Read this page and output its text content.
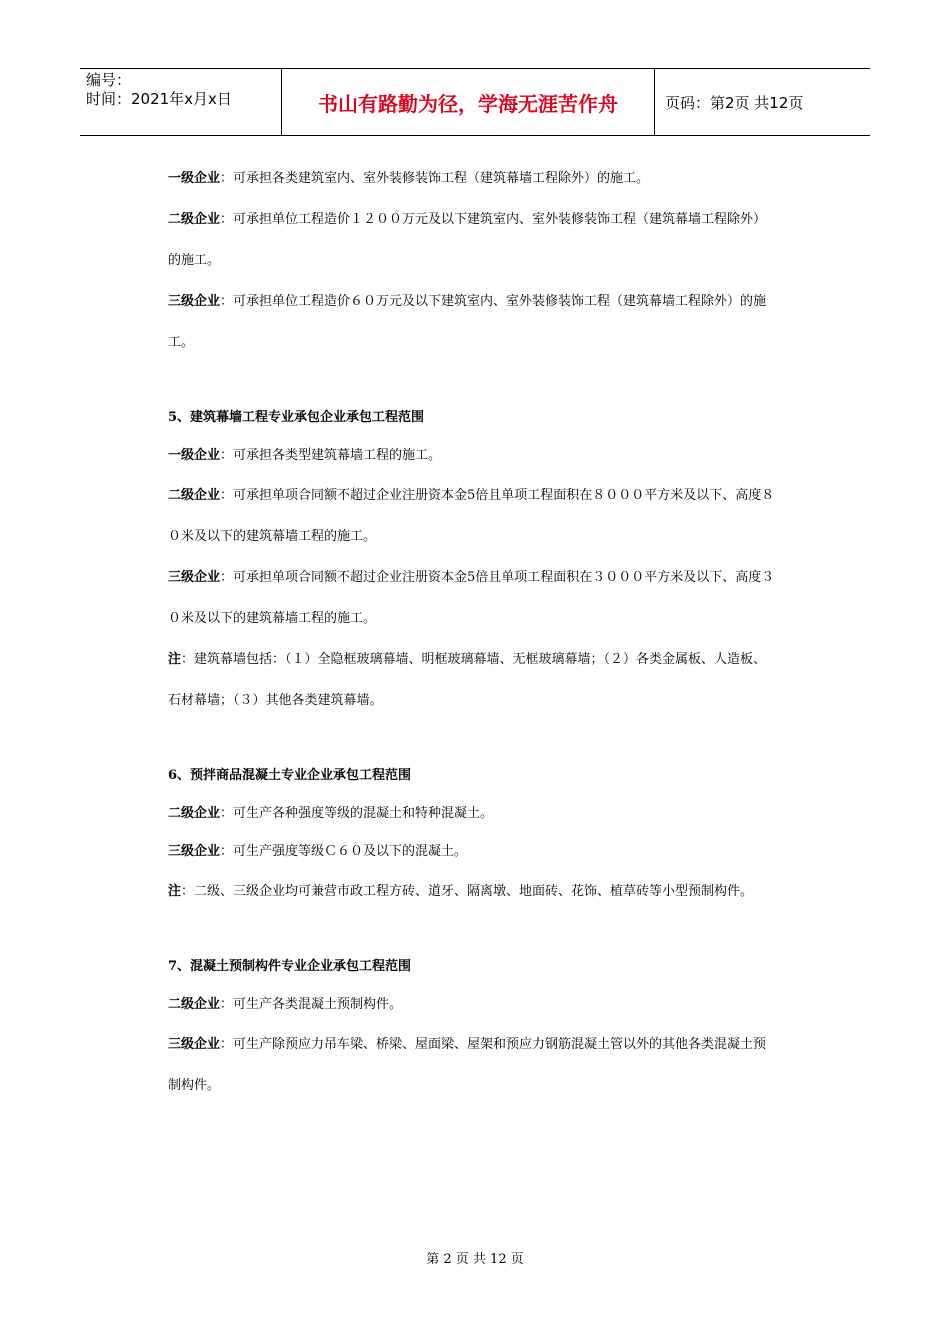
编号：
时间：2021年x月x日	书山有路勤为径，学海无涯苦作舟	页码：第2页 共12页

一级企业：可承担各类建筑室内、室外装修装饰工程（建筑幕墙工程除外）的施工。

二级企业：可承担单位工程造价１２００万元及以下建筑室内、室外装修装饰工程（建筑幕墙工程除外）的施工。

三级企业：可承担单位工程造价６０万元及以下建筑室内、室外装修装饰工程（建筑幕墙工程除外）的施工。

5、建筑幕墙工程专业承包企业承包工程范围

一级企业：可承担各类型建筑幕墙工程的施工。

二级企业：可承担单项合同额不超过企业注册资本金5倍且单项工程面积在８０００平方米及以下、高度８０米及以下的建筑幕墙工程的施工。

三级企业：可承担单项合同额不超过企业注册资本金5倍且单项工程面积在３０００平方米及以下、高度３０米及以下的建筑幕墙工程的施工。

注：建筑幕墙包括：（１）全隐框玻璃幕墙、明框玻璃幕墙、无框玻璃幕墙；（２）各类金属板、人造板、石材幕墙；（３）其他各类建筑幕墙。

6、预拌商品混凝土专业企业承包工程范围

二级企业：可生产各种强度等级的混凝土和特种混凝土。

三级企业：可生产强度等级Ｃ６０及以下的混凝土。

注：二级、三级企业均可兼营市政工程方砖、道牙、隔离墩、地面砖、花饰、植草砖等小型预制构件。

7、混凝土预制构件专业企业承包工程范围

二级企业：可生产各类混凝土预制构件。

三级企业：可生产除预应力吊车梁、桥梁、屋面梁、屋架和预应力钢筋混凝土管以外的其他各类混凝土预制构件。

第 2 页 共 12 页
